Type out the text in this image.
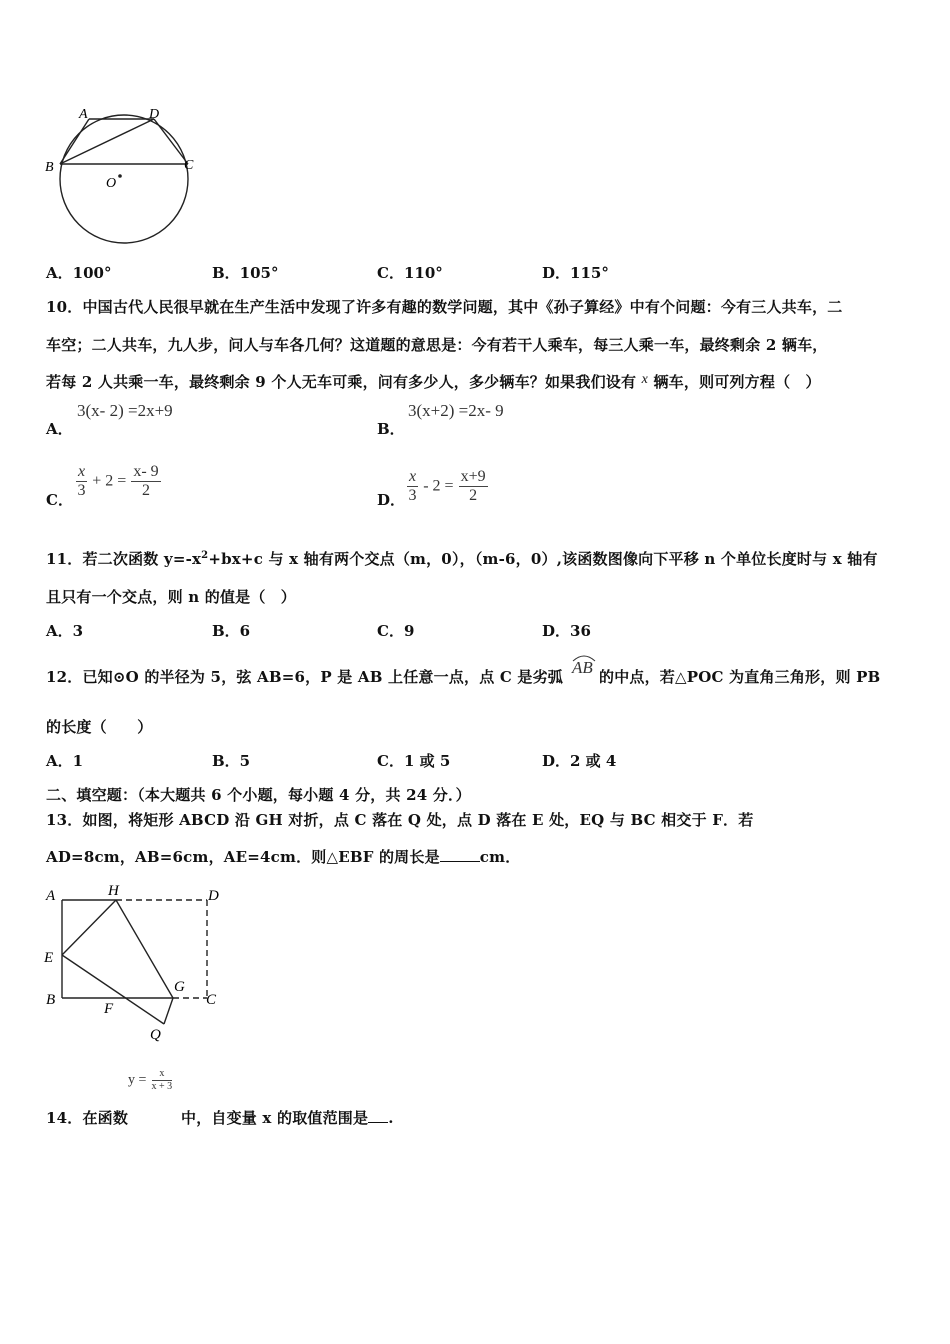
A	D
B	C
O
A．100°	B．105°	C．110°	D．115°
10．中国古代人民很早就在生产生活中发现了许多有趣的数学问题，其中《孙子算经》中有个问题：今有三人共车，二
车空；二人共车，九人步，问人与车各几何？这道题的意思是：今有若干人乘车，每三人乘一车，最终剩余 2 辆车，
若每 2 人共乘一车，最终剩余 9 个人无车可乘，问有多少人，多少辆车？如果我们设有 x 辆车，则可列方程（　）
A．
3(x- 2) =2x+9
B．
3(x+2) =2x- 9
C． $\frac{x}{3} + 2 = \frac{x- 9}{2}$	D． $\frac{x}{3} - 2 = \frac{x+9}{2}$
11．若二次函数 $y=-x^2+bx+c$ 与 x 轴有两个交点（m，0），（m-6，0）,该函数图像向下平移 n 个单位长度时与 x 轴有
且只有一个交点，则 n 的值是（　）
A．3	B．6	C．9	D．36
12．已知⊙O 的半径为 5，弦 AB=6，P 是 AB 上任意一点，点 C 是劣弧 AB 的中点，若△POC 为直角三角形，则 PB
的长度（　　）
A．1	B．5	C．1 或 5	D．2 或 4
二、填空题：（本大题共 6 个小题，每小题 4 分，共 24 分．）
13．如图，将矩形 ABCD 沿 GH 对折，点 C 落在 Q 处，点 D 落在 E 处，EQ 与 BC 相交于 F．若
AD=8cm，AB=6cm，AE=4cm．则△EBF 的周长是	cm．
A	H	D
E
B
G
C
F
Q
$y = \frac{x}{x + 3}$
14．在函数	中，自变量 x 的取值范围是 .
